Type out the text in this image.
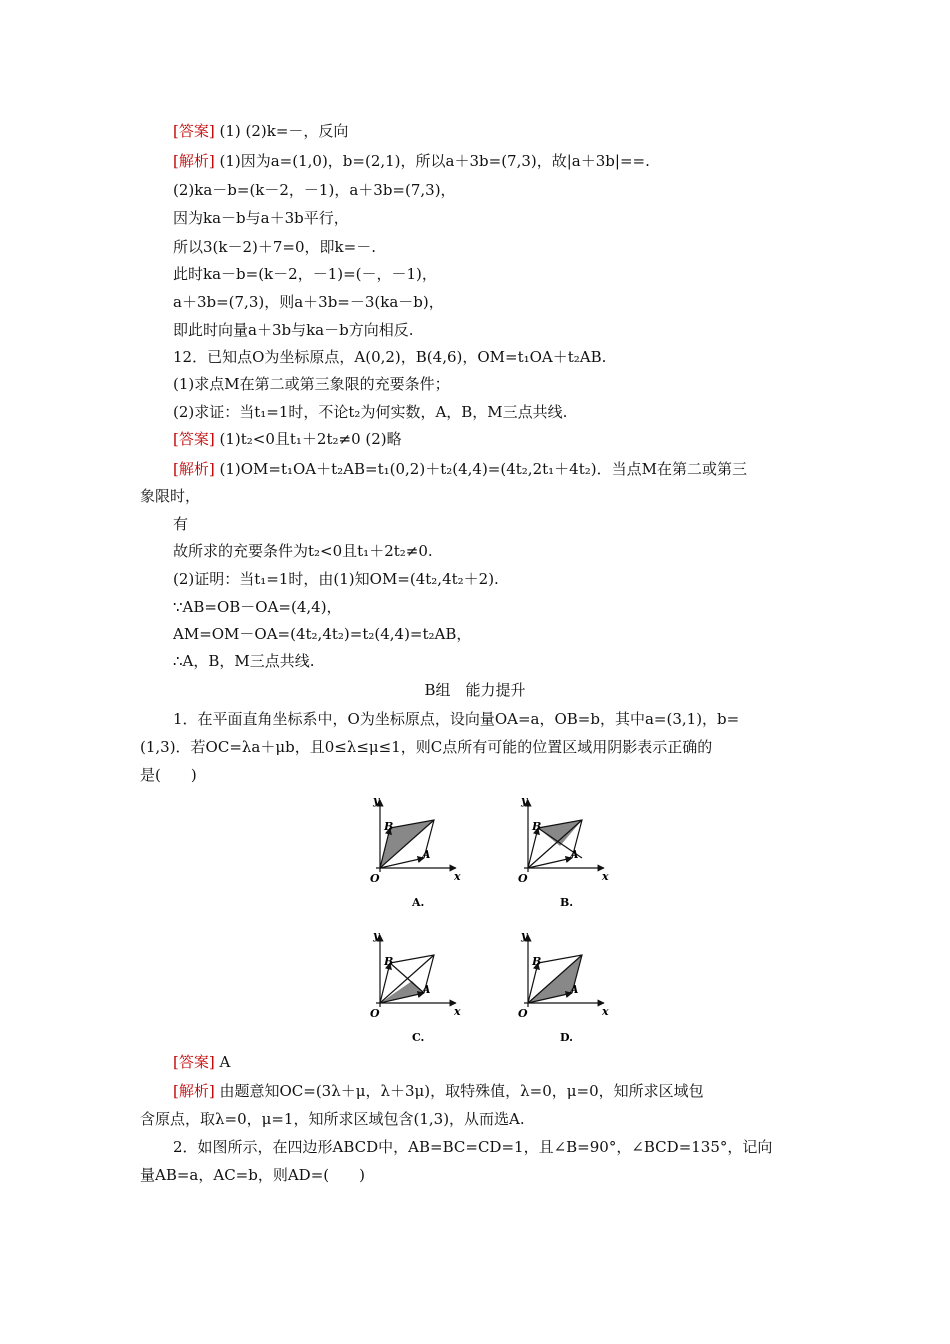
[答案] (1) (2)k=－，反向
[解析] (1)因为a=(1,0)，b=(2,1)，所以a＋3b=(7,3)，故|a＋3b|==.
(2)ka－b=(k－2，－1)，a＋3b=(7,3)，
因为ka－b与a＋3b平行，
所以3(k－2)＋7=0，即k=－.
此时ka－b=(k－2，－1)=(－，－1)，
a＋3b=(7,3)，则a＋3b=－3(ka－b)，
即此时向量a＋3b与ka－b方向相反.
12．已知点O为坐标原点，A(0,2)，B(4,6)，OM=t₁OA＋t₂AB.
(1)求点M在第二或第三象限的充要条件；
(2)求证：当t₁=1时，不论t₂为何实数，A，B，M三点共线.
[答案] (1)t₂<0且t₁＋2t₂≠0 (2)略
[解析] (1)OM=t₁OA＋t₂AB=t₁(0,2)＋t₂(4,4)=(4t₂,2t₁＋4t₂)．当点M在第二或第三
象限时，
有
故所求的充要条件为t₂<0且t₁＋2t₂≠0.
(2)证明：当t₁=1时，由(1)知OM=(4t₂,4t₂＋2).
∵AB=OB－OA=(4,4)，
AM=OM－OA=(4t₂,4t₂)=t₂(4,4)=t₂AB，
∴A，B，M三点共线.
B组　能力提升
1．在平面直角坐标系中，O为坐标原点，设向量OA=a，OB=b，其中a=(3,1)，b=
(1,3)．若OC=λa＋μb，且0≤λ≤μ≤1，则C点所有可能的位置区域用阴影表示正确的
是(　　)
y
x
O
B
A
A.
y
x
O
B
A
B.
y
x
O
B
A
C.
y
x
O
B
A
D.
[答案] A
[解析] 由题意知OC=(3λ＋μ，λ＋3μ)，取特殊值，λ=0，μ=0，知所求区域包
含原点，取λ=0，μ=1，知所求区域包含(1,3)，从而选A.
2．如图所示，在四边形ABCD中，AB=BC=CD=1，且∠B=90°，∠BCD=135°，记向
量AB=a，AC=b，则AD=(　　)
